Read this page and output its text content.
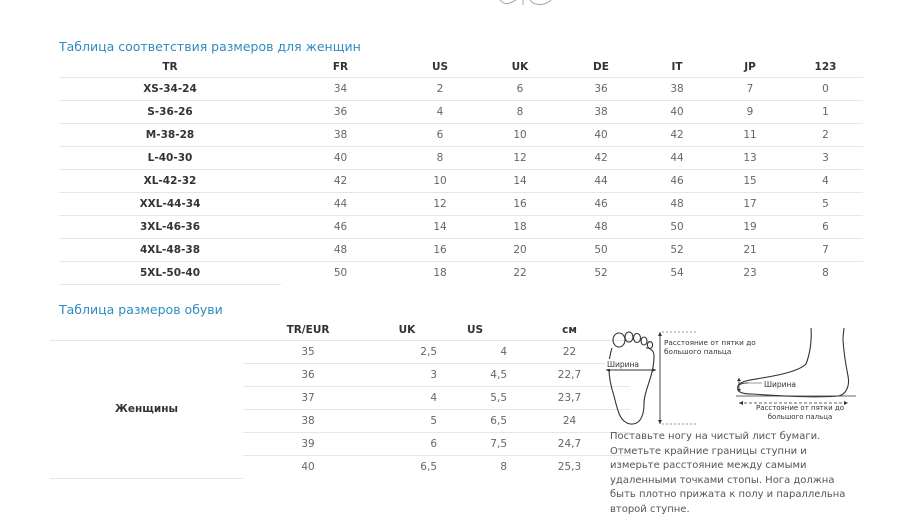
Таблица соответствия размеров для женщин
TR	FR	US	UK	DE	IT	JP	123
XS-34-24	34	2	6	36	38	7	0
S-36-26	36	4	8	38	40	9	1
M-38-28	38	6	10	40	42	11	2
L-40-30	40	8	12	42	44	13	3
XL-42-32	42	10	14	44	46	15	4
XXL-44-34	44	12	16	46	48	17	5
3XL-46-36	46	14	18	48	50	19	6
4XL-48-38	48	16	20	50	52	21	7
5XL-50-40	50	18	22	52	54	23	8
Таблица размеров обуви
	TR/EUR	UK	US	см
Женщины	35	2,5	4	22
	36	3	4,5	22,7
	37	4	5,5	23,7
	38	5	6,5	24
	39	6	7,5	24,7
	40	6,5	8	25,3
Ширина
Расстояние от пятки до большого пальца
Ширина
Расстояние от пятки до большого пальца

Поставьте ногу на чистый лист бумаги. Отметьте крайние границы ступни и измерьте расстояние между самыми удаленными точками стопы. Нога должна быть плотно прижата к полу и параллельна второй ступне.
